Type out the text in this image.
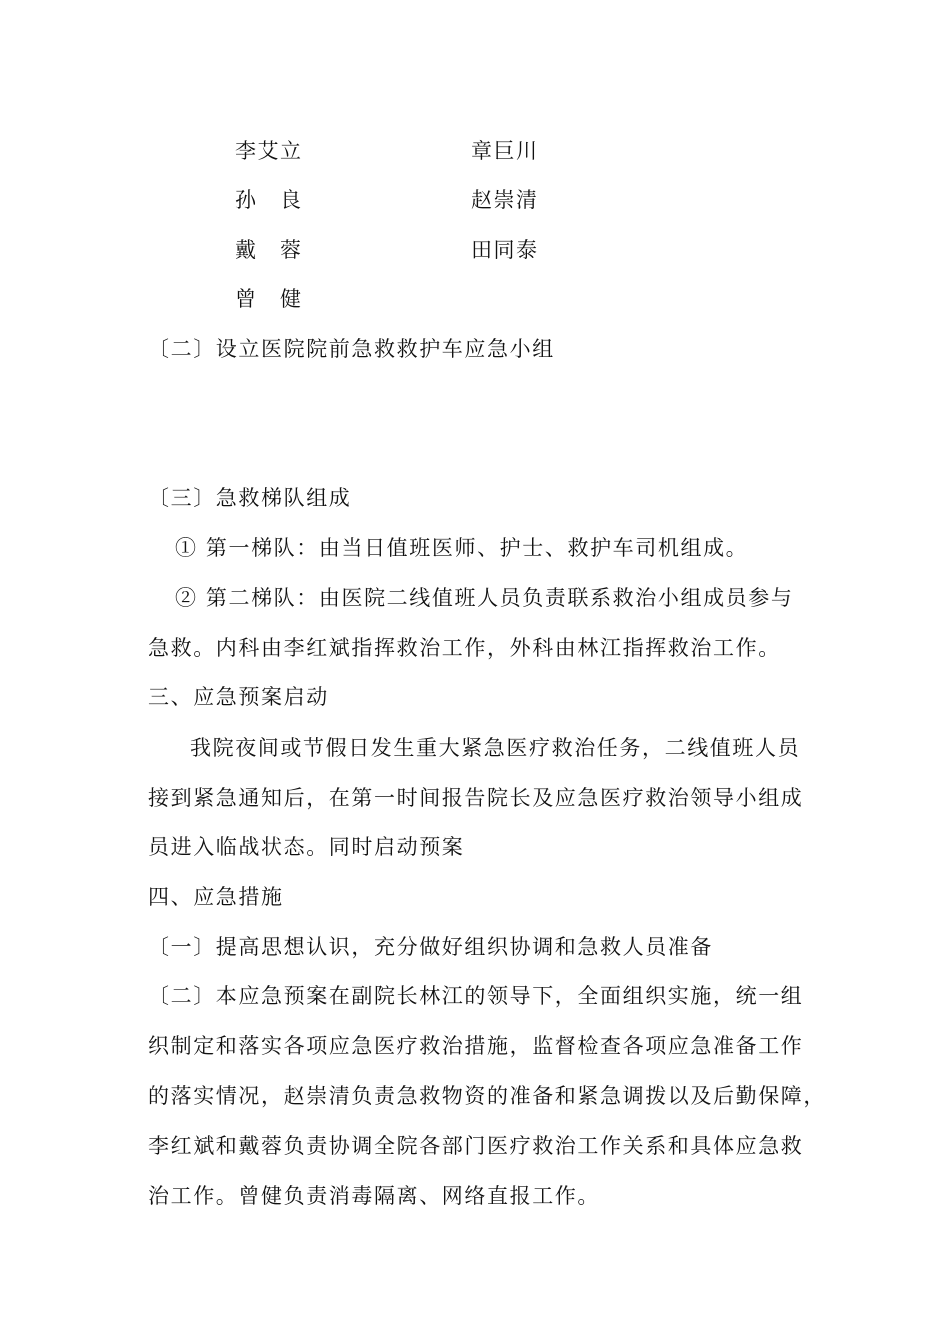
李艾立	章巨川
孙　良	赵崇清
戴　蓉	田同泰
曾　健
〔二〕设立医院院前急救救护车应急小组
〔三〕急救梯队组成
① 第一梯队：由当日值班医师、护士、救护车司机组成。
② 第二梯队：由医院二线值班人员负责联系救治小组成员参与
急救。内科由李红斌指挥救治工作，外科由林江指挥救治工作。
三、应急预案启动
我院夜间或节假日发生重大紧急医疗救治任务，二线值班人员
接到紧急通知后，在第一时间报告院长及应急医疗救治领导小组成
员进入临战状态。同时启动预案
四、应急措施
〔一〕提高思想认识，充分做好组织协调和急救人员准备
〔二〕本应急预案在副院长林江的领导下，全面组织实施，统一组
织制定和落实各项应急医疗救治措施，监督检查各项应急准备工作
的落实情况，赵崇清负责急救物资的准备和紧急调拨以及后勤保障，
李红斌和戴蓉负责协调全院各部门医疗救治工作关系和具体应急救
治工作。曾健负责消毒隔离、网络直报工作。
